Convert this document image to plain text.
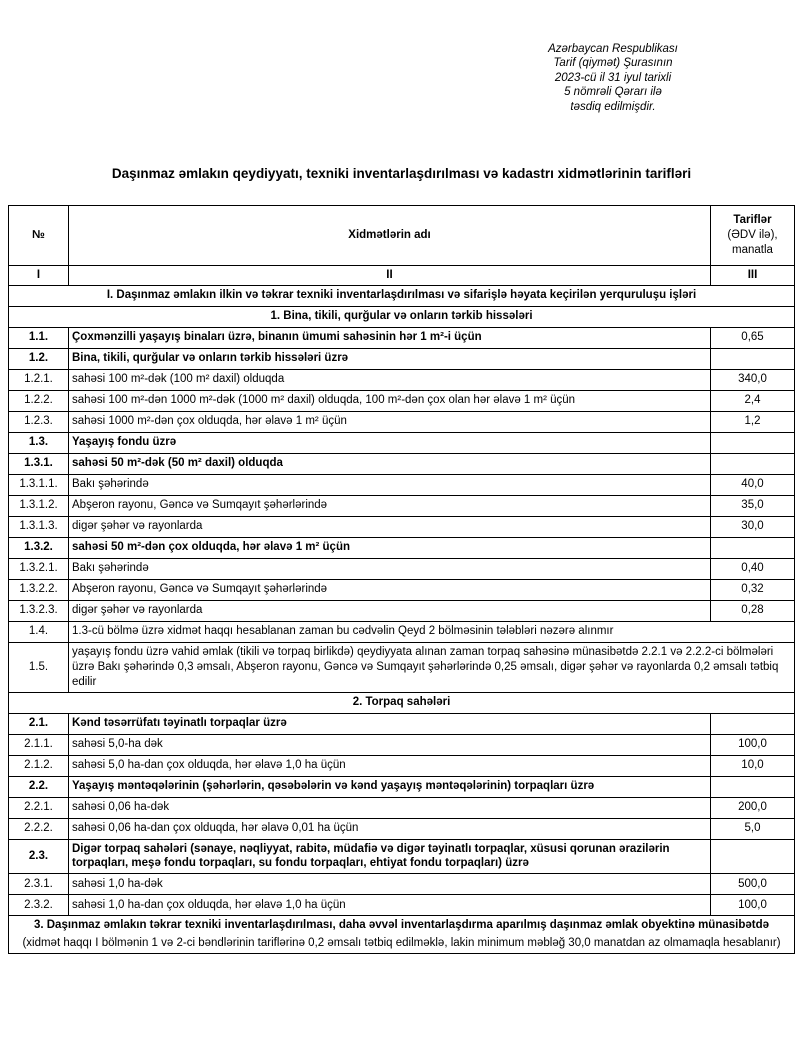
Azərbaycan Respublikası
Tarif (qiymət) Şurasının
2023-cü il 31 iyul tarixli
5 nömrəli Qərarı ilə
təsdiq edilmişdir.
Daşınmaz əmlakın qeydiyyatı, texniki inventarlaşdırılması və kadastrı xidmətlərinin tarifləri
№	Xidmətlərin adı	Tariflər
(ƏDV ilə),
manatla

I	II	III
I. Daşınmaz əmlakın ilkin və təkrar texniki inventarlaşdırılması və sifarişlə həyata keçirilən yerquruluşu işləri		
1. Bina, tikili, qurğular və onların tərkib hissələri		
1.1.	Çoxmənzilli yaşayış binaları üzrə, binanın ümumi sahəsinin hər 1 m²-i üçün	0,65
1.2.	Bina, tikili, qurğular və onların tərkib hissələri üzrə	
1.2.1.	sahəsi 100 m²-dək (100 m² daxil) olduqda	340,0
1.2.2.	sahəsi 100 m²-dən 1000 m²-dək (1000 m² daxil) olduqda, 100 m²-dən çox olan hər əlavə 1 m² üçün	2,4
1.2.3.	sahəsi 1000 m²-dən çox olduqda, hər əlavə 1 m² üçün	1,2
1.3.	Yaşayış fondu üzrə	
1.3.1.	sahəsi 50 m²-dək (50 m² daxil) olduqda	
1.3.1.1.	Bakı şəhərində	40,0
1.3.1.2.	Abşeron rayonu, Gəncə və Sumqayıt şəhərlərində	35,0
1.3.1.3.	digər şəhər və rayonlarda	30,0
1.3.2.	sahəsi 50 m²-dən çox olduqda, hər əlavə 1 m² üçün	
1.3.2.1.	Bakı şəhərində	0,40
1.3.2.2.	Abşeron rayonu, Gəncə və Sumqayıt şəhərlərində	0,32
1.3.2.3.	digər şəhər və rayonlarda	0,28
1.4.	1.3-cü bölmə üzrə xidmət haqqı hesablanan zaman bu cədvəlin Qeyd 2 bölməsinin tələbləri nəzərə alınmır	
1.5.	yaşayış fondu üzrə vahid əmlak (tikili və torpaq birlikdə) qeydiyyata alınan zaman torpaq sahəsinə münasibətdə 2.2.1 və 2.2.2-ci bölmələri üzrə Bakı şəhərində 0,3 əmsalı, Abşeron rayonu, Gəncə və Sumqayıt şəhərlərində 0,25 əmsalı, digər şəhər və rayonlarda 0,2 əmsalı tətbiq edilir	
2. Torpaq sahələri		
2.1.	Kənd təsərrüfatı təyinatlı torpaqlar üzrə	
2.1.1.	sahəsi 5,0-ha dək	100,0
2.1.2.	sahəsi 5,0 ha-dan çox olduqda, hər əlavə 1,0 ha üçün	10,0
2.2.	Yaşayış məntəqələrinin (şəhərlərin, qəsəbələrin və kənd yaşayış məntəqələrinin) torpaqları üzrə	
2.2.1.	sahəsi 0,06 ha-dək	200,0
2.2.2.	sahəsi 0,06 ha-dan çox olduqda, hər əlavə 0,01 ha üçün	5,0
2.3.	Digər torpaq sahələri (sənaye, nəqliyyat, rabitə, müdafiə və digər təyinatlı torpaqlar, xüsusi qorunan ərazilərin torpaqları, meşə fondu torpaqları, su fondu torpaqları, ehtiyat fondu torpaqları) üzrə	
2.3.1.	sahəsi 1,0 ha-dək	500,0
2.3.2.	sahəsi 1,0 ha-dan çox olduqda, hər əlavə 1,0 ha üçün	100,0

3. Daşınmaz əmlakın təkrar texniki inventarlaşdırılması, daha əvvəl inventarlaşdırma aparılmış daşınmaz əmlak obyektinə münasibətdə
(xidmət haqqı I bölmənin 1 və 2-ci bəndlərinin tariflərinə 0,2 əmsalı tətbiq edilməklə, lakin minimum məbləğ 30,0 manatdan az olmamaqla hesablanır)		
